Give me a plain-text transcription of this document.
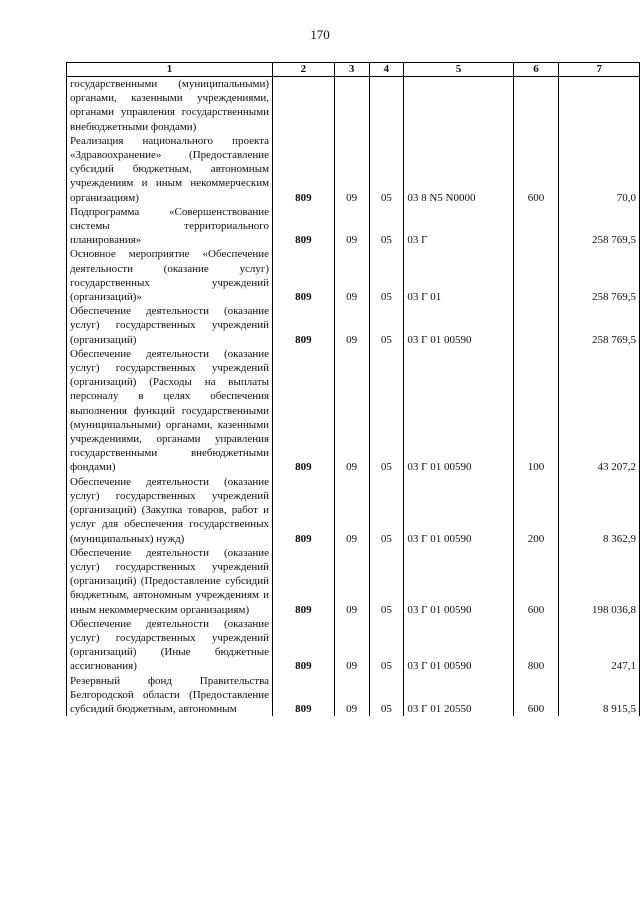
170
1	2	3	4	5	6	7
государственными (муниципальными) органами, казенными учреждениями, органами управления государственными внебюджетными фондами)						
Реализация национального проекта «Здравоохранение» (Предоставление субсидий бюджетным, автономным учреждениям и иным некоммерческим организациям)	809	09	05	03 8 N5 N0000	600	70,0
Подпрограмма «Совершенствование системы территориального планирования»	809	09	05	03 Г		258 769,5
Основное мероприятие «Обеспечение деятельности (оказание услуг) государственных учреждений (организаций)»	809	09	05	03 Г 01		258 769,5
Обеспечение деятельности (оказание услуг) государственных учреждений (организаций)	809	09	05	03 Г 01 00590		258 769,5
Обеспечение деятельности (оказание услуг) государственных учреждений (организаций) (Расходы на выплаты персоналу в целях обеспечения выполнения функций государственными (муниципальными) органами, казенными учреждениями, органами управления государственными внебюджетными фондами)	809	09	05	03 Г 01 00590	100	43 207,2
Обеспечение деятельности (оказание услуг) государственных учреждений (организаций) (Закупка товаров, работ и услуг для обеспечения государственных (муниципальных) нужд)	809	09	05	03 Г 01 00590	200	8 362,9
Обеспечение деятельности (оказание услуг) государственных учреждений (организаций) (Предоставление субсидий бюджетным, автономным учреждениям и иным некоммерческим организациям)	809	09	05	03 Г 01 00590	600	198 036,8
Обеспечение деятельности (оказание услуг) государственных учреждений (организаций) (Иные бюджетные ассигнования)	809	09	05	03 Г 01 00590	800	247,1
Резервный фонд Правительства Белгородской области (Предоставление субсидий бюджетным, автономным	809	09	05	03 Г 01 20550	600	8 915,5
